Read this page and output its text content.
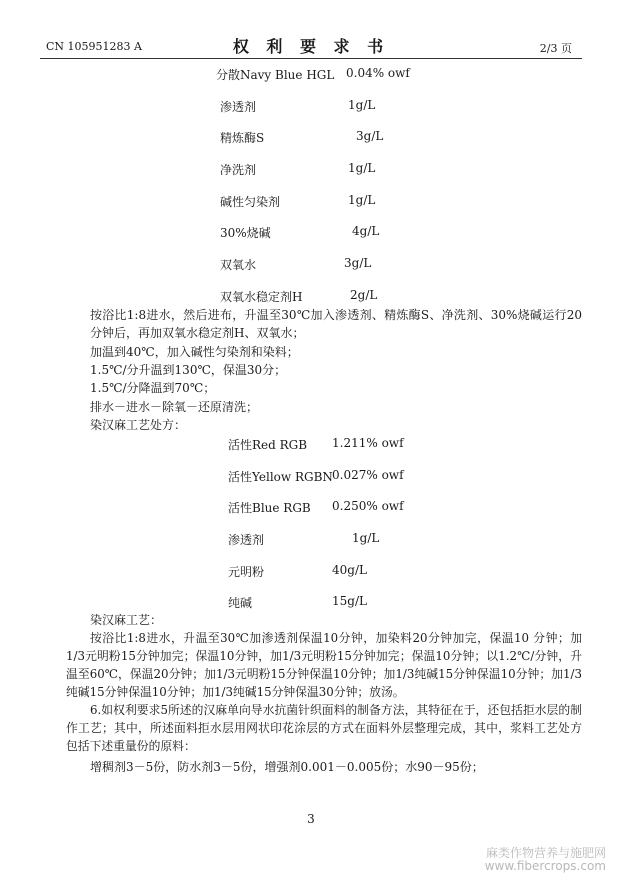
CN 105951283 A	权 利 要 求 书	2/3 页
分散Navy Blue HGL 0.04% owf
渗透剂	1g/L
精炼酶S	3g/L
净洗剂	1g/L
碱性匀染剂	1g/L
30%烧碱	4g/L
双氧水	3g/L
双氧水稳定剂H	2g/L
按浴比1:8进水，然后进布，升温至30℃加入渗透剂、精炼酶S、净洗剂、30%烧碱运行20分钟后，再加双氧水稳定剂H、双氧水；
加温到40℃，加入碱性匀染剂和染料；
1.5℃/分升温到130℃，保温30分；
1.5℃/分降温到70℃；
排水－进水－除氧－还原清洗；
染汉麻工艺处方：
活性Red RGB 1.211% owf
活性Yellow RGBN 0.027% owf
活性Blue RGB 0.250% owf
渗透剂	1g/L
元明粉	40g/L
纯碱	15g/L
染汉麻工艺：
按浴比1:8进水，升温至30℃加渗透剂保温10分钟，加染料20分钟加完，保温10 分钟；加1/3元明粉15分钟加完；保温10分钟，加1/3元明粉15分钟加完；保温10分钟；以1.2℃/分钟，升温至60℃，保温20分钟；加1/3元明粉15分钟保温10分钟；加1/3纯碱15分钟保温10分钟；加1/3纯碱15分钟保温10分钟；加1/3纯碱15分钟保温30分钟；放汤。
6.如权利要求5所述的汉麻单向导水抗菌针织面料的制备方法，其特征在于，还包括拒水层的制作工艺；其中，所述面料拒水层用网状印花涂层的方式在面料外层整理完成，其中，浆料工艺处方包括下述重量份的原料：
增稠剂3－5份，防水剂3－5份，增强剂0.001－0.005份；水90－95份；
3
麻类作物营养与施肥网
www.fibercrops.com
